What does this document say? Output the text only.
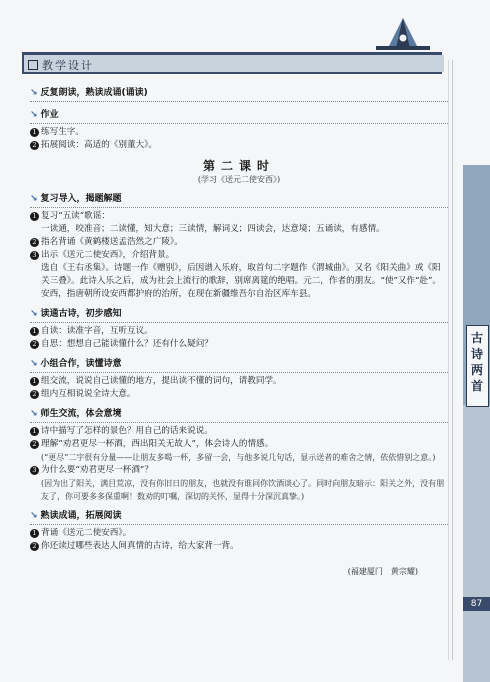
教学设计
古诗两首
87
↘ 反复朗读，熟读成诵(诵读)
↘ 作业
1 练写生字。
2 拓展阅读：高适的《别董大》。
第二课时
(学习《送元二使安西》)
↘ 复习导入，揭题解题
1 复习“五读”歌谣：
一读通，咬准音；二读懂，知大意；三读情，解词义；四读会，达意境；五诵读，有感情。
2 指名背诵《黄鹤楼送孟浩然之广陵》。
3 出示《送元二使安西》，介绍背景。
选自《王右丞集》。诗题一作《赠别》，后因谱入乐府，取首句二字题作《渭城曲》。又名《阳关曲》或《阳关三叠》。此诗入乐之后，成为社会上流行的歌辞，别席离筵的绝唱。元二，作者的朋友。“使”又作“赴”。安西，指唐朝所设安西都护府的治所，在现在新疆维吾尔自治区库车县。
↘ 读通古诗，初步感知
1 自读：读准字音，互听互议。
2 自思：想想自己能读懂什么？还有什么疑问？
↘ 小组合作，读懂诗意
1 组交流，说说自己读懂的地方，提出读不懂的词句，请教同学。
2 组内互相说说全诗大意。
↘ 师生交流，体会意境
1 诗中描写了怎样的景色？用自己的话来说说。
2 理解“劝君更尽一杯酒，西出阳关无故人”，体会诗人的情感。
(“更尽”二字很有分量——让朋友多喝一杯，多留一会，与他多说几句话，显示送者的难舍之情，依依惜别之意。)
3 为什么要“劝君更尽一杯酒”？
(因为出了阳关，满目荒凉，没有你旧日的朋友，也就没有谁同你饮酒谈心了。同时向朋友暗示：阳关之外，没有朋友了，你可要多多保重啊！数劝的叮嘱，深切的关怀，显得十分深沉真挚。)
↘ 熟读成诵，拓展阅读
1 背诵《送元二使安西》。
2 你还读过哪些表达人间真情的古诗，给大家背一背。
(福建厦门　黄宗耀)
